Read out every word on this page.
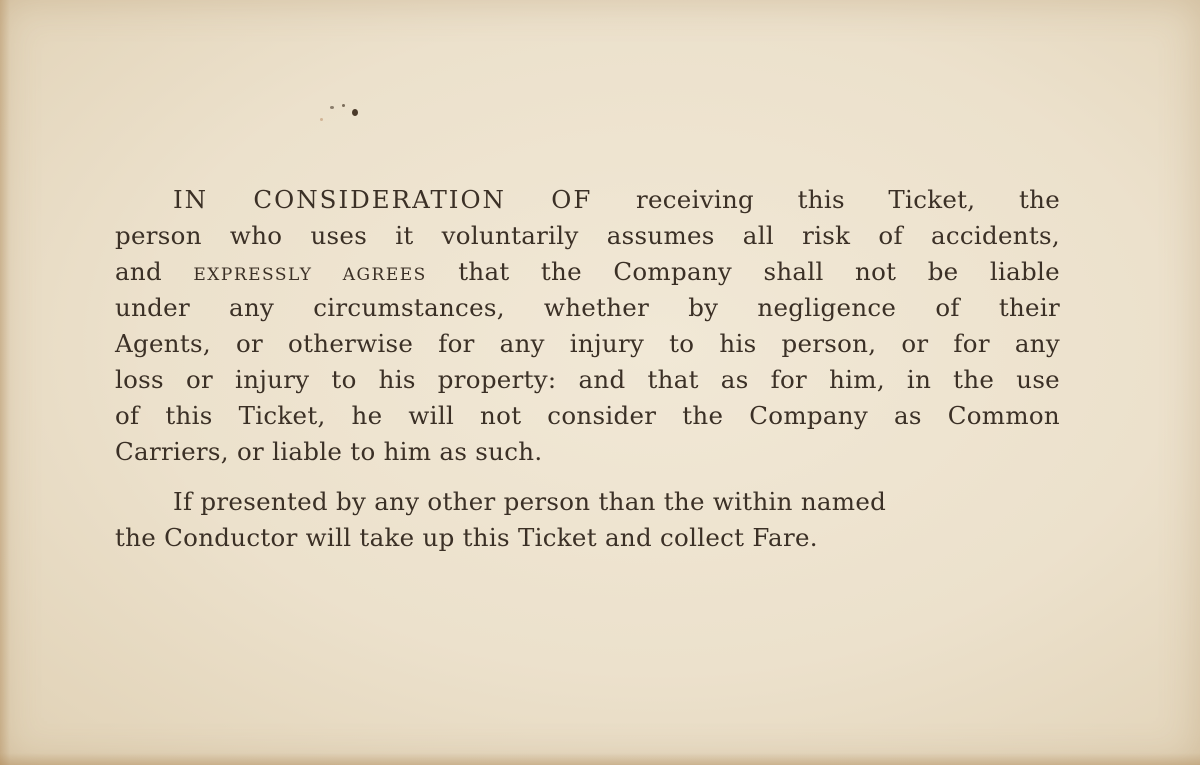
IN CONSIDERATION OF receiving this Ticket, the
person who uses it voluntarily assumes all risk of accidents,
and EXPRESSLY AGREES that the Company shall not be liable
under any circumstances, whether by negligence of their
Agents, or otherwise for any injury to his person, or for any
loss or injury to his property: and that as for him, in the use
of this Ticket, he will not consider the Company as Common
Carriers, or liable to him as such.
If presented by any other person than the within named
the Conductor will take up this Ticket and collect Fare.
